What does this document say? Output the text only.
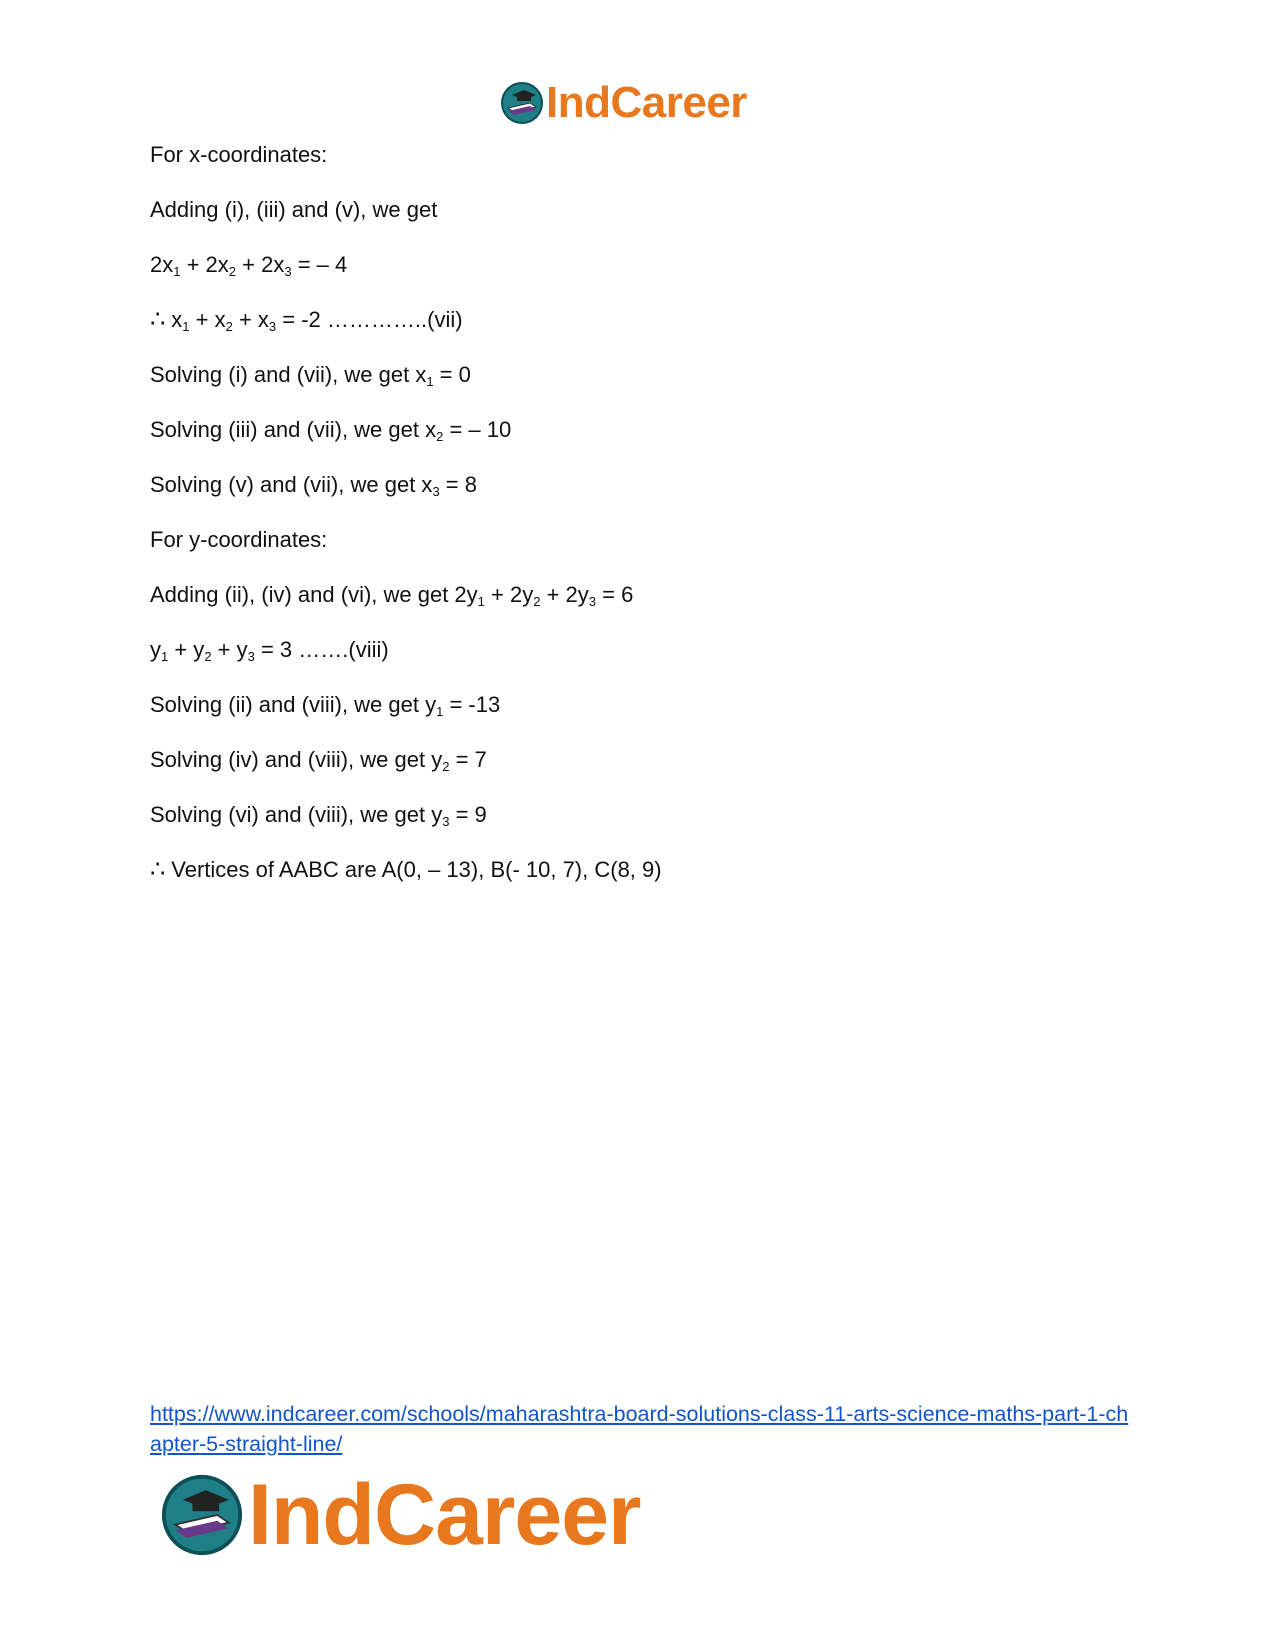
IndCareer
For x-coordinates:
Adding (i), (iii) and (v), we get
$2x_1 + 2x_2 + 2x_3$ = – 4
∴ $x_1 + x_2 + x_3 = -2$ …………..(vii)
Solving (i) and (vii), we get $x_1 = 0$
Solving (iii) and (vii), we get $x_2$ = – 10
Solving (v) and (vii), we get $x_3 = 8$
For y-coordinates:
Adding (ii), (iv) and (vi), we get $2y_1 + 2y_2 + 2y_3 = 6$
$y_1 + y_2 + y_3 = 3$ …….(viii)
Solving (ii) and (viii), we get $y_1 = -13$
Solving (iv) and (viii), we get $y_2 = 7$
Solving (vi) and (viii), we get $y_3 = 9$
∴ Vertices of AABC are A(0, – 13), B(- 10, 7), C(8, 9)
https://www.indcareer.com/schools/maharashtra-board-solutions-class-11-arts-science-maths-part-1-chapter-5-straight-line/
IndCareer
